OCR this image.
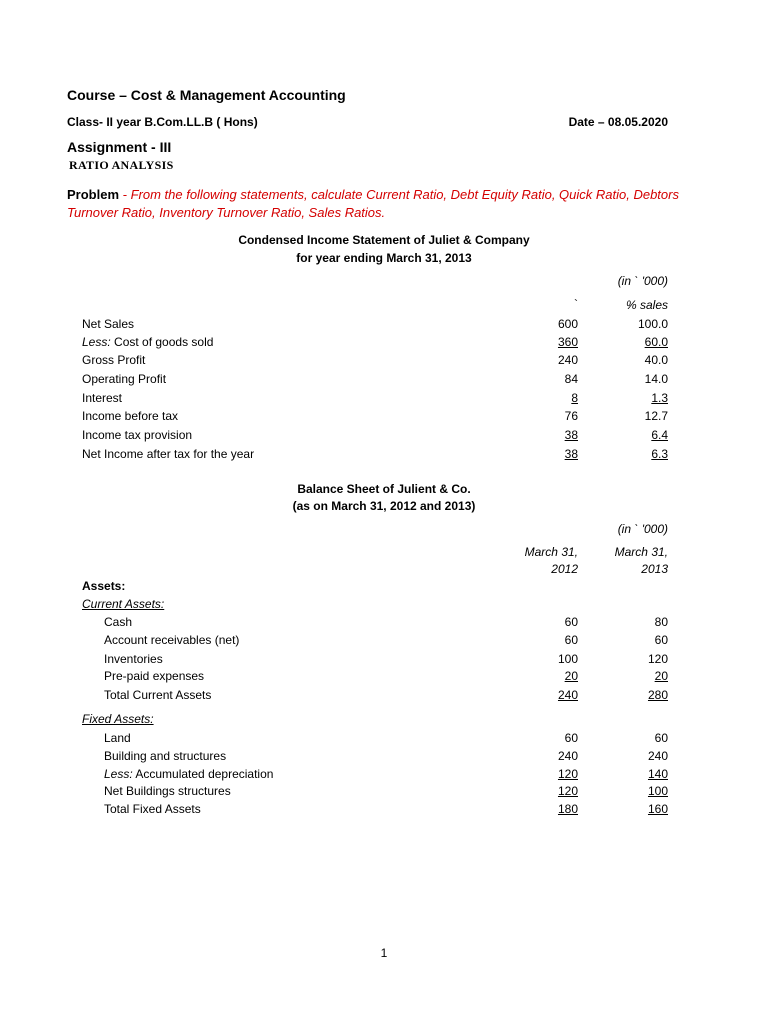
Course – Cost & Management Accounting
Class- II year B.Com.LL.B ( Hons)	Date – 08.05.2020
Assignment - III
RATIO ANALYSIS
Problem - From the following statements, calculate Current Ratio, Debt Equity Ratio, Quick Ratio, Debtors Turnover Ratio, Inventory Turnover Ratio, Sales Ratios.
Condensed Income Statement of Juliet & Company
for year ending March 31, 2013
(in ` '000)
`	% sales
Net Sales	600	100.0
Less: Cost of goods sold	360	60.0
Gross Profit	240	40.0
Operating Profit	84	14.0
Interest	8	1.3
Income before tax	76	12.7
Income tax provision	38	6.4
Net Income after tax for the year	38	6.3
Balance Sheet of Julient & Co.
(as on March 31, 2012 and 2013)
(in ` '000)
March 31,
2012
March 31,
2013
Assets:
Current Assets:
Cash	60	80
Account receivables (net)	60	60
Inventories	100	120
Pre-paid expenses	20	20
Total Current Assets	240	280
Fixed Assets:
Land	60	60
Building and structures	240	240
Less: Accumulated depreciation	120	140
Net Buildings structures	120	100
Total Fixed Assets	180	160
1
